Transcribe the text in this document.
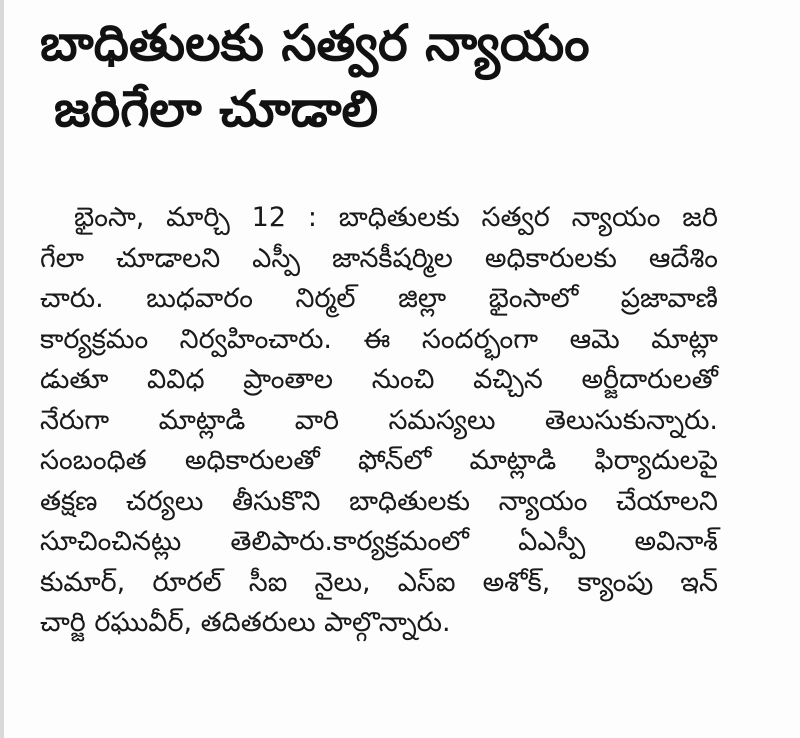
బాధితులకు సత్వర న్యాయం
జరిగేలా చూడాలి
భైంసా, మార్చి 12 : బాధితులకు సత్వర న్యాయం జరి
గేలా చూడాలని ఎస్పీ జానకీషర్మిల అధికారులకు ఆదేశిం
చారు. బుధవారం నిర్మల్ జిల్లా భైంసాలో ప్రజావాణి
కార్యక్రమం నిర్వహించారు. ఈ సందర్భంగా ఆమె మాట్లా
డుతూ వివిధ ప్రాంతాల నుంచి వచ్చిన అర్జీదారులతో
నేరుగా మాట్లాడి వారి సమస్యలు తెలుసుకున్నారు.
సంబంధిత అధికారులతో ఫోన్‌లో మాట్లాడి ఫిర్యాదులపై
తక్షణ చర్యలు తీసుకొని బాధితులకు న్యాయం చేయాలని
సూచించినట్లు తెలిపారు.కార్యక్రమంలో ఏఎస్పీ అవినాశ్
కుమార్, రూరల్ సీఐ నైలు, ఎస్ఐ అశోక్, క్యాంపు ఇన్
చార్జి రఘువీర్, తదితరులు పాల్గొన్నారు.
